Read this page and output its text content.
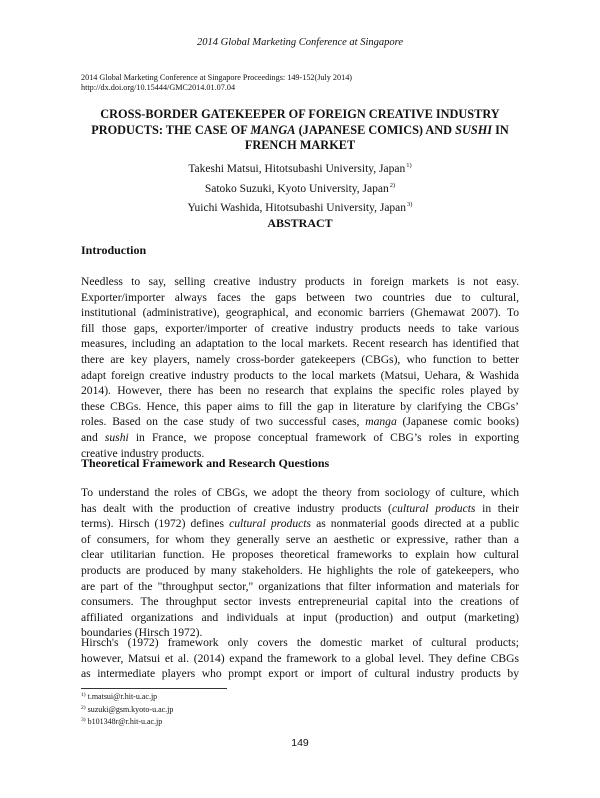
2014 Global Marketing Conference at Singapore
2014 Global Marketing Conference at Singapore Proceedings: 149-152(July 2014)
http://dx.doi.org/10.15444/GMC2014.01.07.04
CROSS-BORDER GATEKEEPER OF FOREIGN CREATIVE INDUSTRY
PRODUCTS: THE CASE OF MANGA (JAPANESE COMICS) AND SUSHI IN
FRENCH MARKET
Takeshi Matsui, Hitotsubashi University, Japan$^{1)}$
Satoko Suzuki, Kyoto University, Japan$^{2)}$
Yuichi Washida, Hitotsubashi University, Japan$^{3)}$
ABSTRACT
Introduction
Needless to say, selling creative industry products in foreign markets is not easy.
Exporter/importer always faces the gaps between two countries due to cultural,
institutional (administrative), geographical, and economic barriers (Ghemawat 2007). To
fill those gaps, exporter/importer of creative industry products needs to take various
measures, including an adaptation to the local markets. Recent research has identified that
there are key players, namely cross-border gatekeepers (CBGs), who function to better
adapt foreign creative industry products to the local markets (Matsui, Uehara, & Washida
2014). However, there has been no research that explains the specific roles played by
these CBGs. Hence, this paper aims to fill the gap in literature by clarifying the CBGs’
roles. Based on the case study of two successful cases, manga (Japanese comic books)
and sushi in France, we propose conceptual framework of CBG’s roles in exporting
creative industry products.
Theoretical Framework and Research Questions
To understand the roles of CBGs, we adopt the theory from sociology of culture, which
has dealt with the production of creative industry products (cultural products in their
terms). Hirsch (1972) defines cultural products as nonmaterial goods directed at a public
of consumers, for whom they generally serve an aesthetic or expressive, rather than a
clear utilitarian function. He proposes theoretical frameworks to explain how cultural
products are produced by many stakeholders. He highlights the role of gatekeepers, who
are part of the "throughput sector," organizations that filter information and materials for
consumers. The throughput sector invests entrepreneurial capital into the creations of
affiliated organizations and individuals at input (production) and output (marketing)
boundaries (Hirsch 1972).
Hirsch's (1972) framework only covers the domestic market of cultural products;
however, Matsui et al. (2014) expand the framework to a global level. They define CBGs
as intermediate players who prompt export or import of cultural industry products by
$^{1)}$ t.matsui@r.hit-u.ac.jp
$^{2)}$ suzuki@gsm.kyoto-u.ac.jp
$^{3)}$ b101348r@r.hit-u.ac.jp
149
